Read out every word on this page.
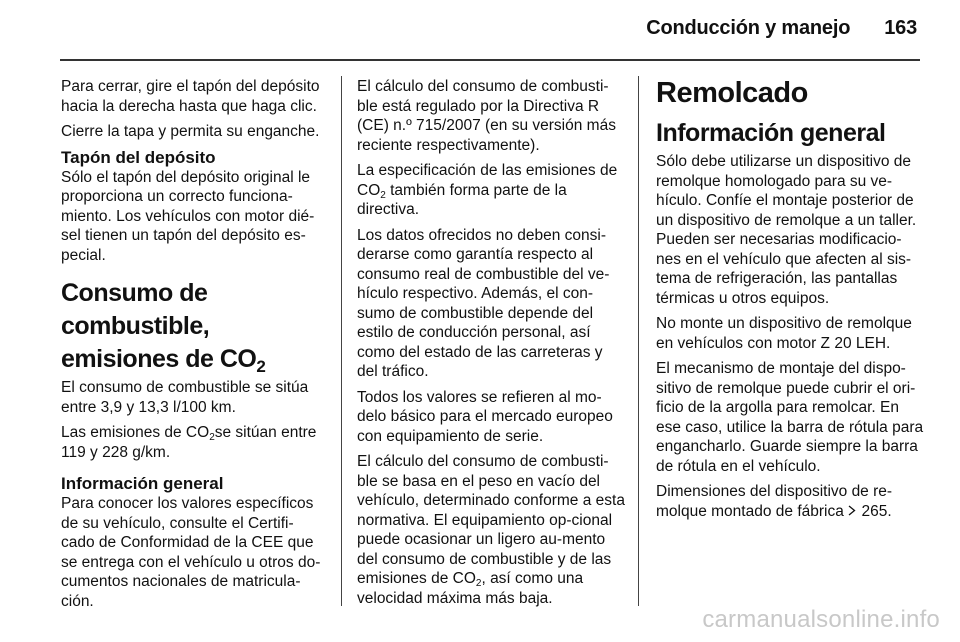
Conducción y manejo 163

Para cerrar, gire el tapón del depósito hacia la derecha hasta que haga clic.

Cierre la tapa y permita su enganche.

Tapón del depósito

Sólo el tapón del depósito original le proporciona un correcto funciona-miento. Los vehículos con motor dié-sel tienen un tapón del depósito es-pecial.

Consumo de combustible, emisiones de $CO_2$

El consumo de combustible se sitúa entre 3,9 y 13,3 l/100 km.

Las emisiones de $CO_2se$ sitúan entre 119 y 228 g/km.

Información general

Para conocer los valores específicos de su vehículo, consulte el Certifi-cado de Conformidad de la CEE que se entrega con el vehículo u otros do-cumentos nacionales de matricula-ción.

El cálculo del consumo de combusti-ble está regulado por la Directiva R (CE) n.º 715/2007 (en su versión más reciente respectivamente).

La especificación de las emisiones de $CO_2$ también forma parte de la directiva.

Los datos ofrecidos no deben consi-derarse como garantía respecto al consumo real de combustible del ve-hículo respectivo. Además, el con-sumo de combustible depende del estilo de conducción personal, así como del estado de las carreteras y del tráfico.

Todos los valores se refieren al mo-delo básico para el mercado europeo con equipamiento de serie.

El cálculo del consumo de combusti-ble se basa en el peso en vacío del vehículo, determinado conforme a esta normativa. El equipamiento op-cional puede ocasionar un ligero au-mento del consumo de combustible y de las emisiones de $CO_2$, así como una velocidad máxima más baja.

Remolcado
Información general

Sólo debe utilizarse un dispositivo de remolque homologado para su ve-hículo. Confíe el montaje posterior de un dispositivo de remolque a un taller. Pueden ser necesarias modificacio-nes en el vehículo que afecten al sis-tema de refrigeración, las pantallas térmicas u otros equipos.

No monte un dispositivo de remolque en vehículos con motor Z 20 LEH.

El mecanismo de montaje del dispo-sitivo de remolque puede cubrir el ori-ficio de la argolla para remolcar. En ese caso, utilice la barra de rótula para engancharlo. Guarde siempre la barra de rótula en el vehículo.

Dimensiones del dispositivo de re-molque montado de fábrica  265.

carmanualsonline.info
